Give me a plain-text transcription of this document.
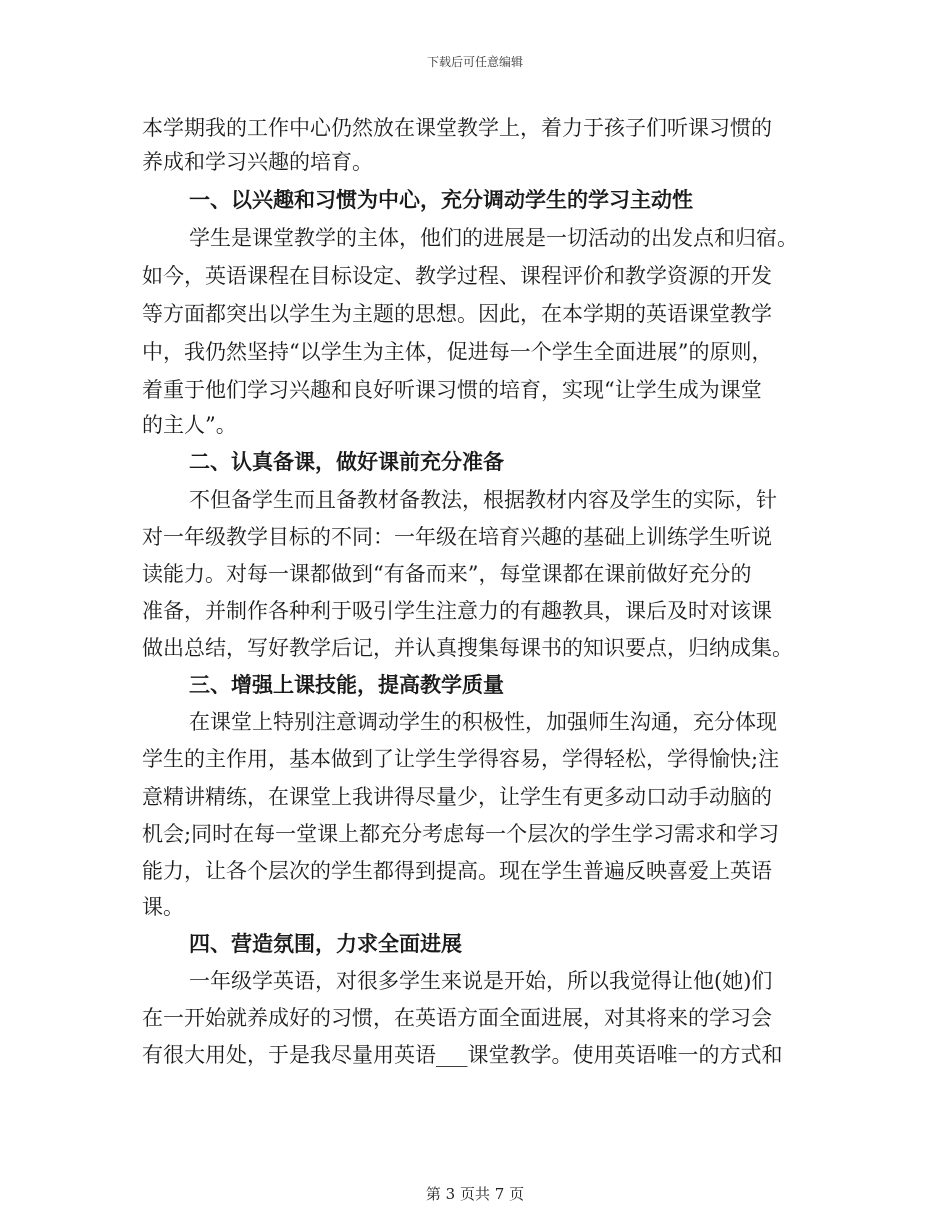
下载后可任意编辑
本学期我的工作中心仍然放在课堂教学上，着力于孩子们听课习惯的
养成和学习兴趣的培育。
一、以兴趣和习惯为中心，充分调动学生的学习主动性
学生是课堂教学的主体，他们的进展是一切活动的出发点和归宿。
如今，英语课程在目标设定、教学过程、课程评价和教学资源的开发
等方面都突出以学生为主题的思想。因此，在本学期的英语课堂教学
中，我仍然坚持“以学生为主体，促进每一个学生全面进展”的原则，
着重于他们学习兴趣和良好听课习惯的培育，实现“让学生成为课堂
的主人”。
二、认真备课，做好课前充分准备
不但备学生而且备教材备教法，根据教材内容及学生的实际，针
对一年级教学目标的不同：一年级在培育兴趣的基础上训练学生听说
读能力。对每一课都做到“有备而来”，每堂课都在课前做好充分的
准备，并制作各种利于吸引学生注意力的有趣教具，课后及时对该课
做出总结，写好教学后记，并认真搜集每课书的知识要点，归纳成集。
三、增强上课技能，提高教学质量
在课堂上特别注意调动学生的积极性，加强师生沟通，充分体现
学生的主作用，基本做到了让学生学得容易，学得轻松，学得愉快;注
意精讲精练，在课堂上我讲得尽量少，让学生有更多动口动手动脑的
机会;同时在每一堂课上都充分考虑每一个层次的学生学习需求和学习
能力，让各个层次的学生都得到提高。现在学生普遍反映喜爱上英语
课。
四、营造氛围，力求全面进展
一年级学英语，对很多学生来说是开始，所以我觉得让他(她)们
在一开始就养成好的习惯，在英语方面全面进展，对其将来的学习会
有很大用处，于是我尽量用英语___课堂教学。使用英语唯一的方式和
第 3 页共 7 页
